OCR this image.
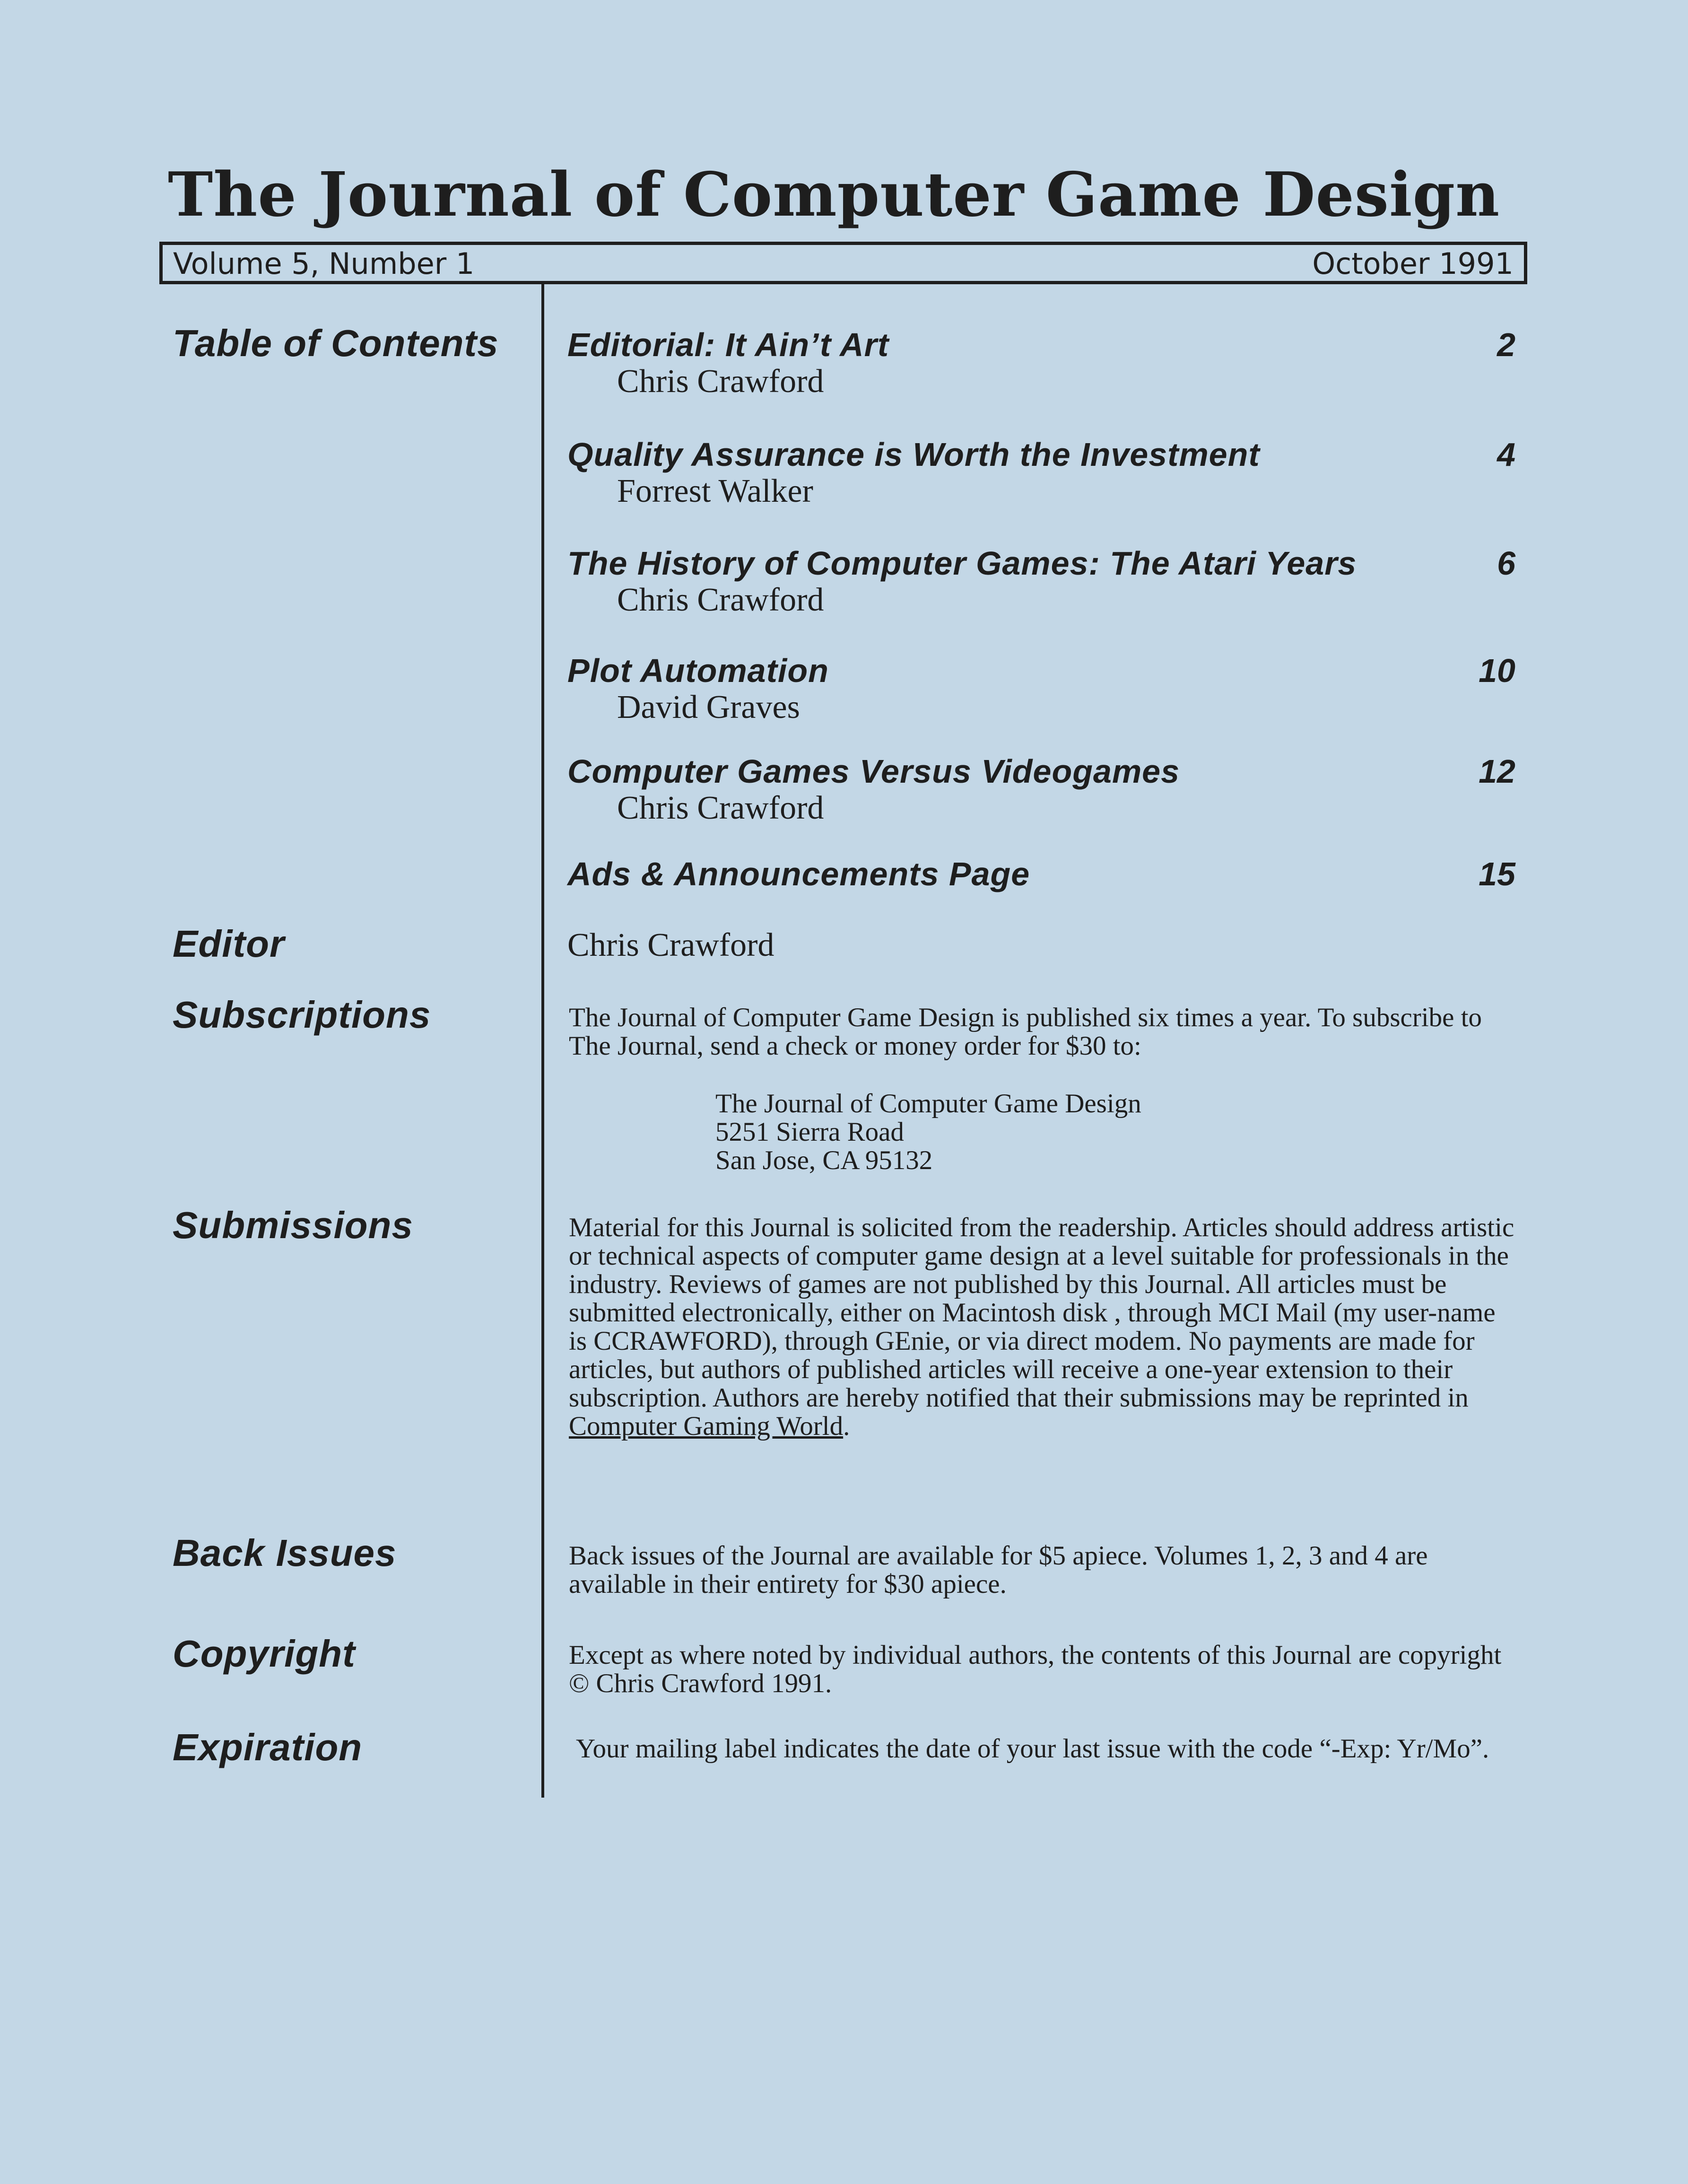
The Journal of Computer Game Design
Volume 5, Number 1	October 1991
Table of Contents
Editor
Subscriptions
Submissions
Back Issues
Copyright
Expiration
Editorial: It Ain’t Art
Chris Crawford
2
Quality Assurance is Worth the Investment
Forrest Walker
4
The History of Computer Games: The Atari Years
Chris Crawford
6
Plot Automation
David Graves
10
Computer Games Versus Videogames
Chris Crawford
12
Ads & Announcements Page	15
Chris Crawford

The Journal of Computer Game Design is published six times a year. To subscribe to The Journal, send a check or money order for $30 to:

The Journal of Computer Game Design
5251 Sierra Road
San Jose, CA 95132

Material for this Journal is solicited from the readership. Articles should address artistic or technical aspects of computer game design at a level suitable for professionals in the industry. Reviews of games are not published by this Journal. All articles must be submitted electronically, either on Macintosh disk , through MCI Mail (my user-name is CCRAWFORD), through GEnie, or via direct modem. No payments are made for articles, but authors of published articles will receive a one-year extension to their subscription. Authors are hereby notified that their submissions may be reprinted in Computer Gaming World.

Back issues of the Journal are available for $5 apiece. Volumes 1, 2, 3 and 4 are available in their entirety for $30 apiece.

Except as where noted by individual authors, the contents of this Journal are copyright © Chris Crawford 1991.

Your mailing label indicates the date of your last issue with the code “-Exp: Yr/Mo”.
